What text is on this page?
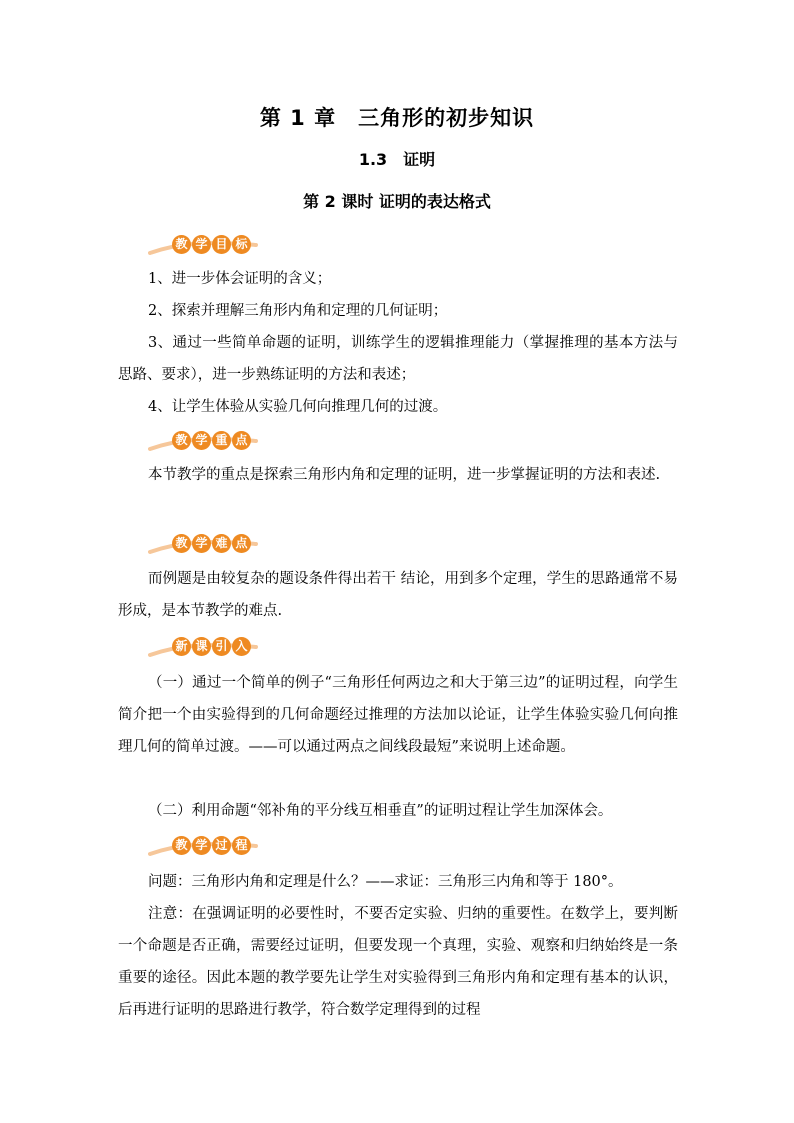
第 1 章　三角形的初步知识
1.3　证明
第 2 课时 证明的表达格式
教 学 目 标

1、进一步体会证明的含义；

2、探索并理解三角形内角和定理的几何证明；

3、通过一些简单命题的证明，训练学生的逻辑推理能力（掌握推理的基本方法与思路、要求），进一步熟练证明的方法和表述；

4、让学生体验从实验几何向推理几何的过渡。

教 学 重 点

本节教学的重点是探索三角形内角和定理的证明，进一步掌握证明的方法和表述.

教 学 难 点

而例题是由较复杂的题设条件得出若干 结论，用到多个定理，学生的思路通常不易形成，是本节教学的难点.

新 课 引 入

（一）通过一个简单的例子“三角形任何两边之和大于第三边”的证明过程，向学生简介把一个由实验得到的几何命题经过推理的方法加以论证，让学生体验实验几何向推理几何的简单过渡。——可以通过两点之间线段最短”来说明上述命题。

（二）利用命题“邻补角的平分线互相垂直”的证明过程让学生加深体会。

教 学 过 程

问题：三角形内角和定理是什么？——求证：三角形三内角和等于 180°。

注意：在强调证明的必要性时，不要否定实验、归纳的重要性。在数学上，要判断一个命题是否正确，需要经过证明，但要发现一个真理，实验、观察和归纳始终是一条重要的途径。因此本题的教学要先让学生对实验得到三角形内角和定理有基本的认识，后再进行证明的思路进行教学，符合数学定理得到的过程
